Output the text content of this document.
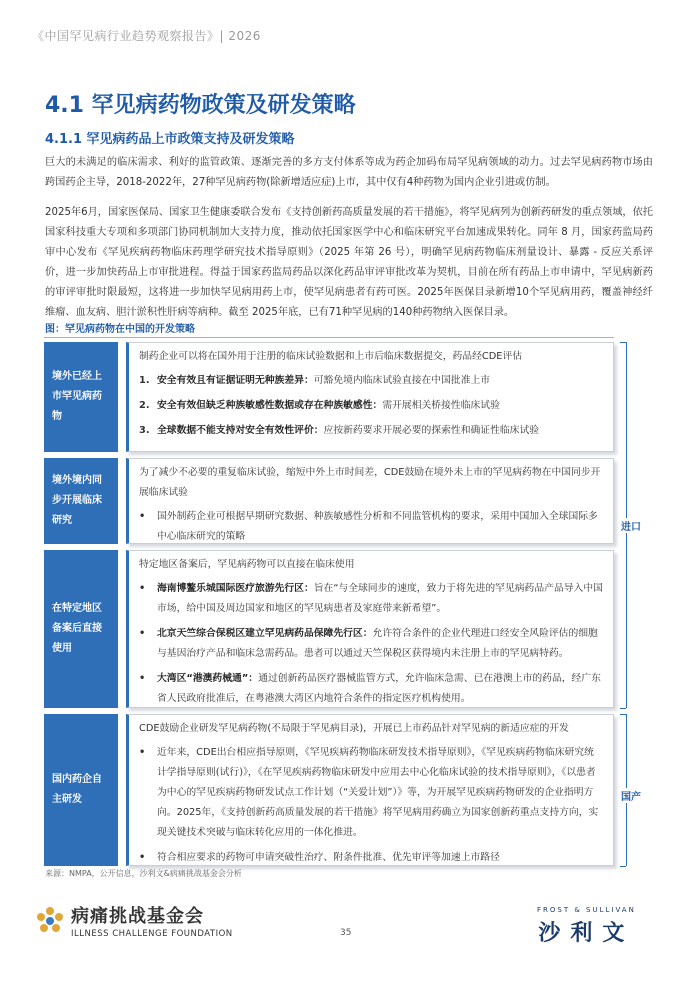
《中国罕见病行业趋势观察报告》| 2026
4.1 罕见病药物政策及研发策略
4.1.1 罕见病药品上市政策支持及研发策略
巨大的未满足的临床需求、利好的监管政策、逐渐完善的多方支付体系等成为药企加码布局罕见病领域的动力。过去罕见病药物市场由跨国药企主导，2018-2022年，27种罕见病药物(除新增适应症)上市，其中仅有4种药物为国内企业引进或仿制。
2025年6月，国家医保局、国家卫生健康委联合发布《支持创新药高质量发展的若干措施》，将罕见病列为创新药研发的重点领域，依托国家科技重大专项和多项部门协同机制加大支持力度，推动依托国家医学中心和临床研究平台加速成果转化。同年 8 月，国家药监局药审中心发布《罕见疾病药物临床药理学研究技术指导原则》（2025 年第 26 号），明确罕见病药物临床剂量设计、暴露 - 反应关系评价，进一步加快药品上市审批进程。得益于国家药监局药品以深化药品审评审批改革为契机，目前在所有药品上市申请中，罕见病新药的审评审批时限最短，这将进一步加快罕见病用药上市，使罕见病患者有药可医。2025年医保目录新增10个罕见病用药，覆盖神经纤维瘤、血友病、胆汁淤积性肝病等病种。截至 2025年底，已有71种罕见病的140种药物纳入医保目录。
图：罕见病药物在中国的开发策略
境外已经上市罕见病药物
制药企业可以将在国外用于注册的临床试验数据和上市后临床数据提交，药品经CDE评估
1. 安全有效且有证据证明无种族差异：可豁免境内临床试验直接在中国批准上市
2. 安全有效但缺乏种族敏感性数据或存在种族敏感性：需开展相关桥接性临床试验
3. 全球数据不能支持对安全有效性评价：应按新药要求开展必要的探索性和确证性临床试验
境外境内同步开展临床研究
为了减少不必要的重复临床试验，缩短中外上市时间差，CDE鼓励在境外未上市的罕见病药物在中国同步开展临床试验
•	国外制药企业可根据早期研究数据、种族敏感性分析和不同监管机构的要求，采用中国加入全球国际多中心临床研究的策略
在特定地区备案后直接使用
特定地区备案后，罕见病药物可以直接在临床使用
•	海南博鳌乐城国际医疗旅游先行区：旨在“与全球同步的速度，致力于将先进的罕见病药品产品导入中国市场，给中国及周边国家和地区的罕见病患者及家庭带来新希望”。
•	北京天竺综合保税区建立罕见病药品保障先行区：允许符合条件的企业代理进口经安全风险评估的细胞与基因治疗产品和临床急需药品。患者可以通过天竺保税区获得境内未注册上市的罕见病特药。
•	大湾区“港澳药械通”：通过创新药品医疗器械监管方式，允许临床急需、已在港澳上市的药品，经广东省人民政府批准后，在粤港澳大湾区内地符合条件的指定医疗机构使用。
国内药企自主研发
CDE鼓励企业研发罕见病药物(不局限于罕见病目录)，开展已上市药品针对罕见病的新适应症的开发
•	近年来，CDE出台相应指导原则，《罕见疾病药物临床研发技术指导原则》，《罕见疾病药物临床研究统计学指导原则(试行)》，《在罕见疾病药物临床研发中应用去中心化临床试验的技术指导原则》，《以患者为中心的罕见疾病药物研发试点工作计划（“关爱计划”）》等，为开展罕见疾病药物研发的企业指明方向。2025年，《支持创新药高质量发展的若干措施》将罕见病用药确立为国家创新药重点支持方向，实现关键技术突破与临床转化应用的一体化推进。
•	符合相应要求的药物可申请突破性治疗、附条件批准、优先审评等加速上市路径
进口
国产
来源：NMPA，公开信息，沙利文&病痛挑战基金会分析
病痛挑战基金会
ILLNESS CHALLENGE FOUNDATION	35
FROST & SULLIVAN
沙利文
